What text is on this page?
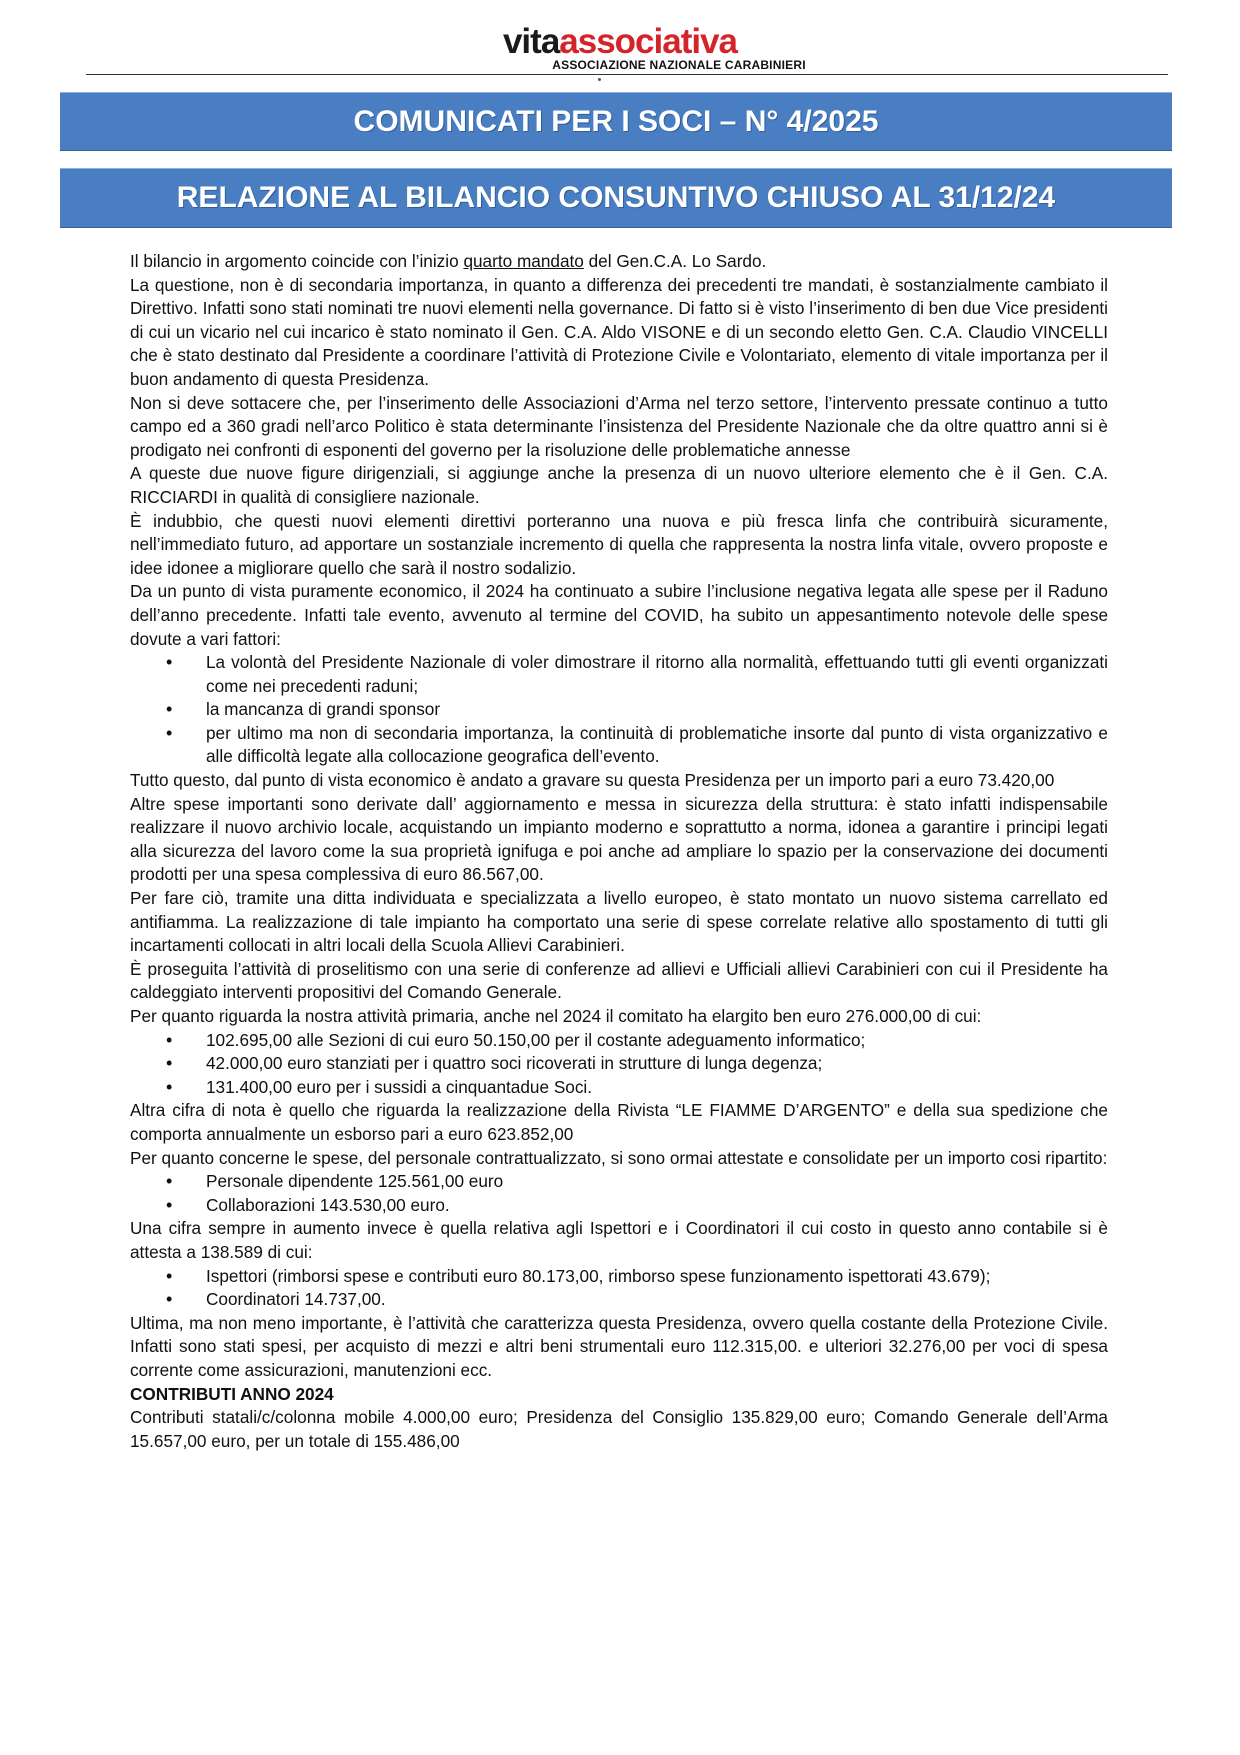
vitaassociativa
ASSOCIAZIONE NAZIONALE CARABINIERI
COMUNICATI PER I SOCI – N° 4/2025
RELAZIONE AL BILANCIO CONSUNTIVO CHIUSO AL 31/12/24

Il bilancio in argomento coincide con l’inizio quarto mandato del Gen.C.A. Lo Sardo.

La questione, non è di secondaria importanza, in quanto a differenza dei precedenti tre mandati, è sostanzialmente cambiato il Direttivo. Infatti sono stati nominati tre nuovi elementi nella governance. Di fatto si è visto l’inserimento di ben due Vice presidenti di cui un vicario nel cui incarico è stato nominato il Gen. C.A. Aldo VISONE e di un secondo eletto Gen. C.A. Claudio VINCELLI che è stato destinato dal Presidente a coordinare l’attività di Protezione Civile e Volontariato, elemento di vitale importanza per il buon andamento di questa Presidenza.

Non si deve sottacere che, per l’inserimento delle Associazioni d’Arma nel terzo settore, l’intervento pressate continuo a tutto campo ed a 360 gradi nell’arco Politico è stata determinante l’insistenza del Presidente Nazionale che da oltre quattro anni si è prodigato nei confronti di esponenti del governo per la risoluzione delle problematiche annesse

A queste due nuove figure dirigenziali, si aggiunge anche la presenza di un nuovo ulteriore elemento che è il Gen. C.A. RICCIARDI in qualità di consigliere nazionale.

È indubbio, che questi nuovi elementi direttivi porteranno una nuova e più fresca linfa che contribuirà sicuramente, nell’immediato futuro, ad apportare un sostanziale incremento di quella che rappresenta la nostra linfa vitale, ovvero proposte e idee idonee a migliorare quello che sarà il nostro sodalizio.

Da un punto di vista puramente economico, il 2024 ha continuato a subire l’inclusione negativa legata alle spese per il Raduno dell’anno precedente. Infatti tale evento, avvenuto al termine del COVID, ha subito un appesantimento notevole delle spese dovute a vari fattori:

• La volontà del Presidente Nazionale di voler dimostrare il ritorno alla normalità, effettuando tutti gli eventi organizzati come nei precedenti raduni;
• la mancanza di grandi sponsor
• per ultimo ma non di secondaria importanza, la continuità di problematiche insorte dal punto di vista organizzativo e alle difficoltà legate alla collocazione geografica dell’evento.

Tutto questo, dal punto di vista economico è andato a gravare su questa Presidenza per un importo pari a euro 73.420,00

Altre spese importanti sono derivate dall’ aggiornamento e messa in sicurezza della struttura: è stato infatti indispensabile realizzare il nuovo archivio locale, acquistando un impianto moderno e soprattutto a norma, idonea a garantire i principi legati alla sicurezza del lavoro come la sua proprietà ignifuga e poi anche ad ampliare lo spazio per la conservazione dei documenti prodotti per una spesa complessiva di euro 86.567,00.

Per fare ciò, tramite una ditta individuata e specializzata a livello europeo, è stato montato un nuovo sistema carrellato ed antifiamma. La realizzazione di tale impianto ha comportato una serie di spese correlate relative allo spostamento di tutti gli incartamenti collocati in altri locali della Scuola Allievi Carabinieri.

È proseguita l’attività di proselitismo con una serie di conferenze ad allievi e Ufficiali allievi Carabinieri con cui il Presidente ha caldeggiato interventi propositivi del Comando Generale.

Per quanto riguarda la nostra attività primaria, anche nel 2024 il comitato ha elargito ben euro 276.000,00 di cui:

• 102.695,00 alle Sezioni di cui euro 50.150,00 per il costante adeguamento informatico;
• 42.000,00 euro stanziati per i quattro soci ricoverati in strutture di lunga degenza;
• 131.400,00 euro per i sussidi a cinquantadue Soci.

Altra cifra di nota è quello che riguarda la realizzazione della Rivista “LE FIAMME D’ARGENTO” e della sua spedizione che comporta annualmente un esborso pari a euro 623.852,00

Per quanto concerne le spese, del personale contrattualizzato, si sono ormai attestate e consolidate per un importo cosi ripartito:

• Personale dipendente 125.561,00 euro
• Collaborazioni 143.530,00 euro.

Una cifra sempre in aumento invece è quella relativa agli Ispettori e i Coordinatori il cui costo in questo anno contabile si è attesta a 138.589 di cui:

• Ispettori (rimborsi spese e contributi euro 80.173,00, rimborso spese funzionamento ispettorati 43.679);
• Coordinatori 14.737,00.

Ultima, ma non meno importante, è l’attività che caratterizza questa Presidenza, ovvero quella costante della Protezione Civile. Infatti sono stati spesi, per acquisto di mezzi e altri beni strumentali euro 112.315,00. e ulteriori 32.276,00 per voci di spesa corrente come assicurazioni, manutenzioni ecc.

CONTRIBUTI ANNO 2024

Contributi statali/c/colonna mobile 4.000,00 euro; Presidenza del Consiglio 135.829,00 euro; Comando Generale dell’Arma 15.657,00 euro, per un totale di 155.486,00
